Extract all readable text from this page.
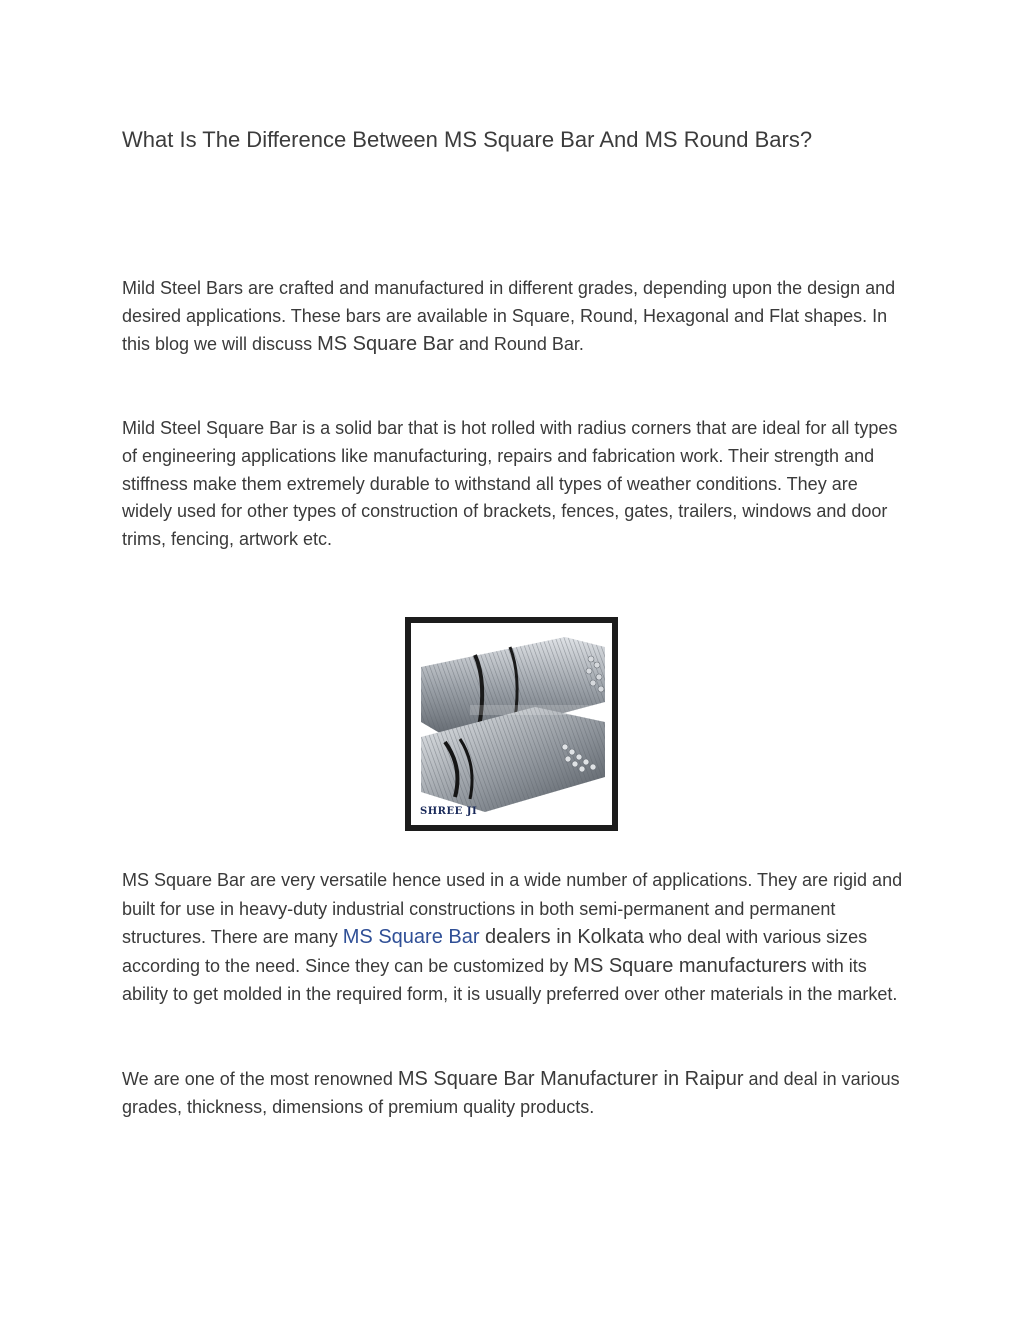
What Is The Difference Between MS Square Bar And MS Round Bars?

Mild Steel Bars are crafted and manufactured in different grades, depending upon the design and desired applications. These bars are available in Square, Round, Hexagonal and Flat shapes. In this blog we will discuss MS Square Bar and Round Bar.

Mild Steel Square Bar is a solid bar that is hot rolled with radius corners that are ideal for all types of engineering applications like manufacturing, repairs and fabrication work. Their strength and stiffness make them extremely durable to withstand all types of weather conditions. They are widely used for other types of construction of brackets, fences, gates, trailers, windows and door trims, fencing, artwork etc.

SHREE JI

MS Square Bar are very versatile hence used in a wide number of applications. They are rigid and built for use in heavy-duty industrial constructions in both semi-permanent and permanent structures. There are many MS Square Bar dealers in Kolkata who deal with various sizes according to the need. Since they can be customized by MS Square manufacturers with its ability to get molded in the required form, it is usually preferred over other materials in the market.

We are one of the most renowned MS Square Bar Manufacturer in Raipur and deal in various grades, thickness, dimensions of premium quality products.
